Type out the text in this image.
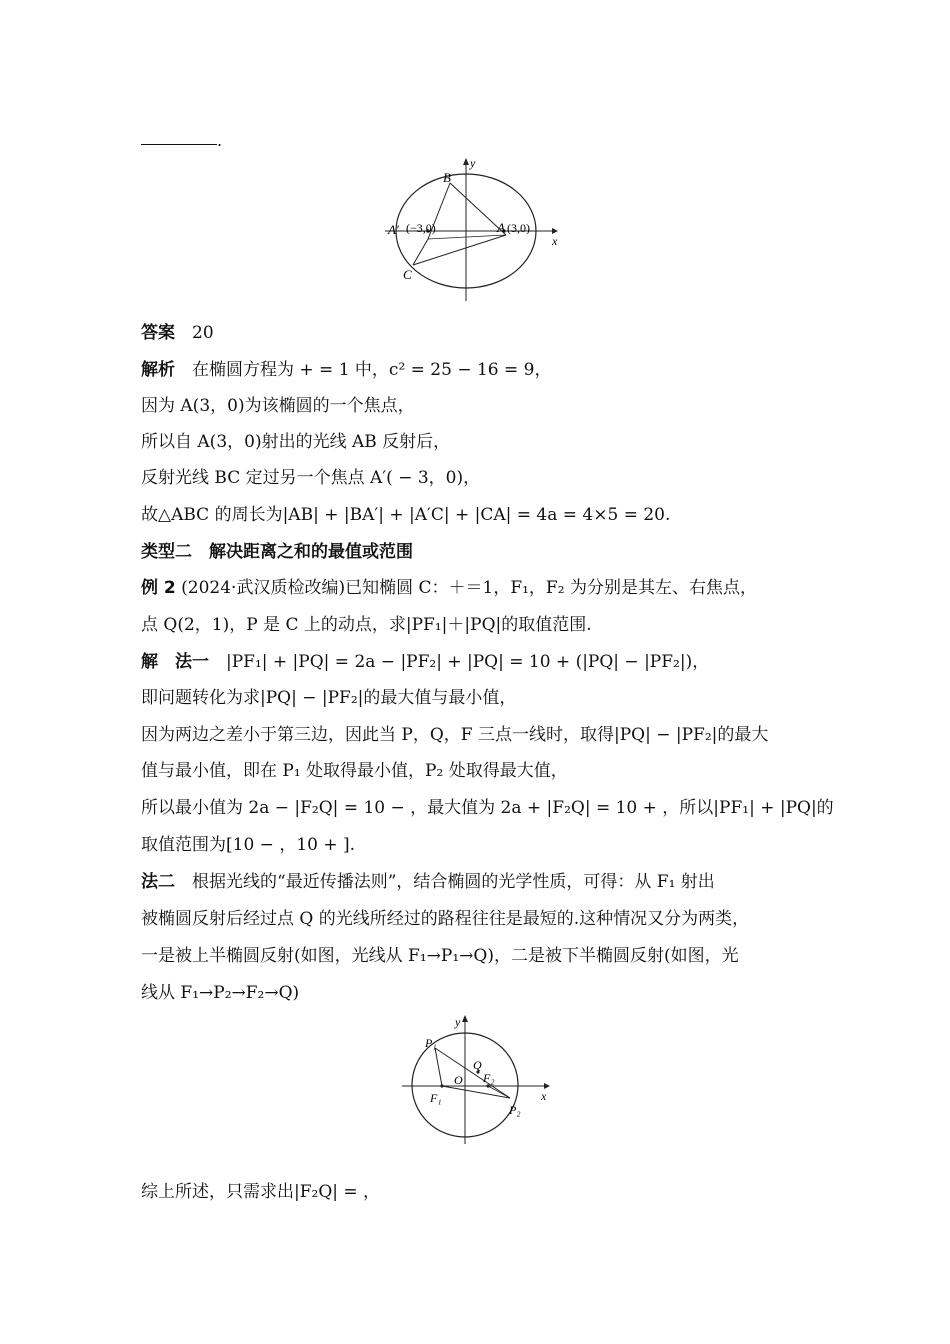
.
y
x
B
C
A′ (−3,0)	A (3,0)
答案　 20
解析　 在椭圆方程为 + = 1 中，c² = 25 − 16 = 9，
因为 A(3，0)为该椭圆的一个焦点，
所以自 A(3，0)射出的光线 AB 反射后，
反射光线 BC 定过另一个焦点 A′( − 3，0)，
故△ABC 的周长为|AB| + |BA′| + |A′C| + |CA| = 4a = 4×5 = 20.
类型二　解决距离之和的最值或范围
例 2 (2024·武汉质检改编)已知椭圆 C：＋＝1，F₁，F₂ 为分别是其左、右焦点，
点 Q(2，1)，P 是 C 上的动点，求|PF₁|＋|PQ|的取值范围.
解　法一　 |PF₁| + |PQ| = 2a − |PF₂| + |PQ| = 10 + (|PQ| − |PF₂|)，
即问题转化为求|PQ| − |PF₂|的最大值与最小值，
因为两边之差小于第三边，因此当 P，Q，F 三点一线时，取得|PQ| − |PF₂|的最大
值与最小值，即在 P₁ 处取得最小值，P₂ 处取得最大值，
所以最小值为 2a − |F₂Q| = 10 − ，最大值为 2a + |F₂Q| = 10 + ，所以|PF₁| + |PQ|的
取值范围为[10 − ，10 + ].
法二　 根据光线的“最近传播法则”，结合椭圆的光学性质，可得：从 F₁ 射出
被椭圆反射后经过点 Q 的光线所经过的路程往往是最短的.这种情况又分为两类，
一是被上半椭圆反射(如图，光线从 F₁→P₁→Q)，二是被下半椭圆反射(如图，光
线从 F₁→P₂→F₂→Q)
y
x
P₁
P₂
Q
O
F₁
F₂
综上所述，只需求出|F₂Q| = ，
